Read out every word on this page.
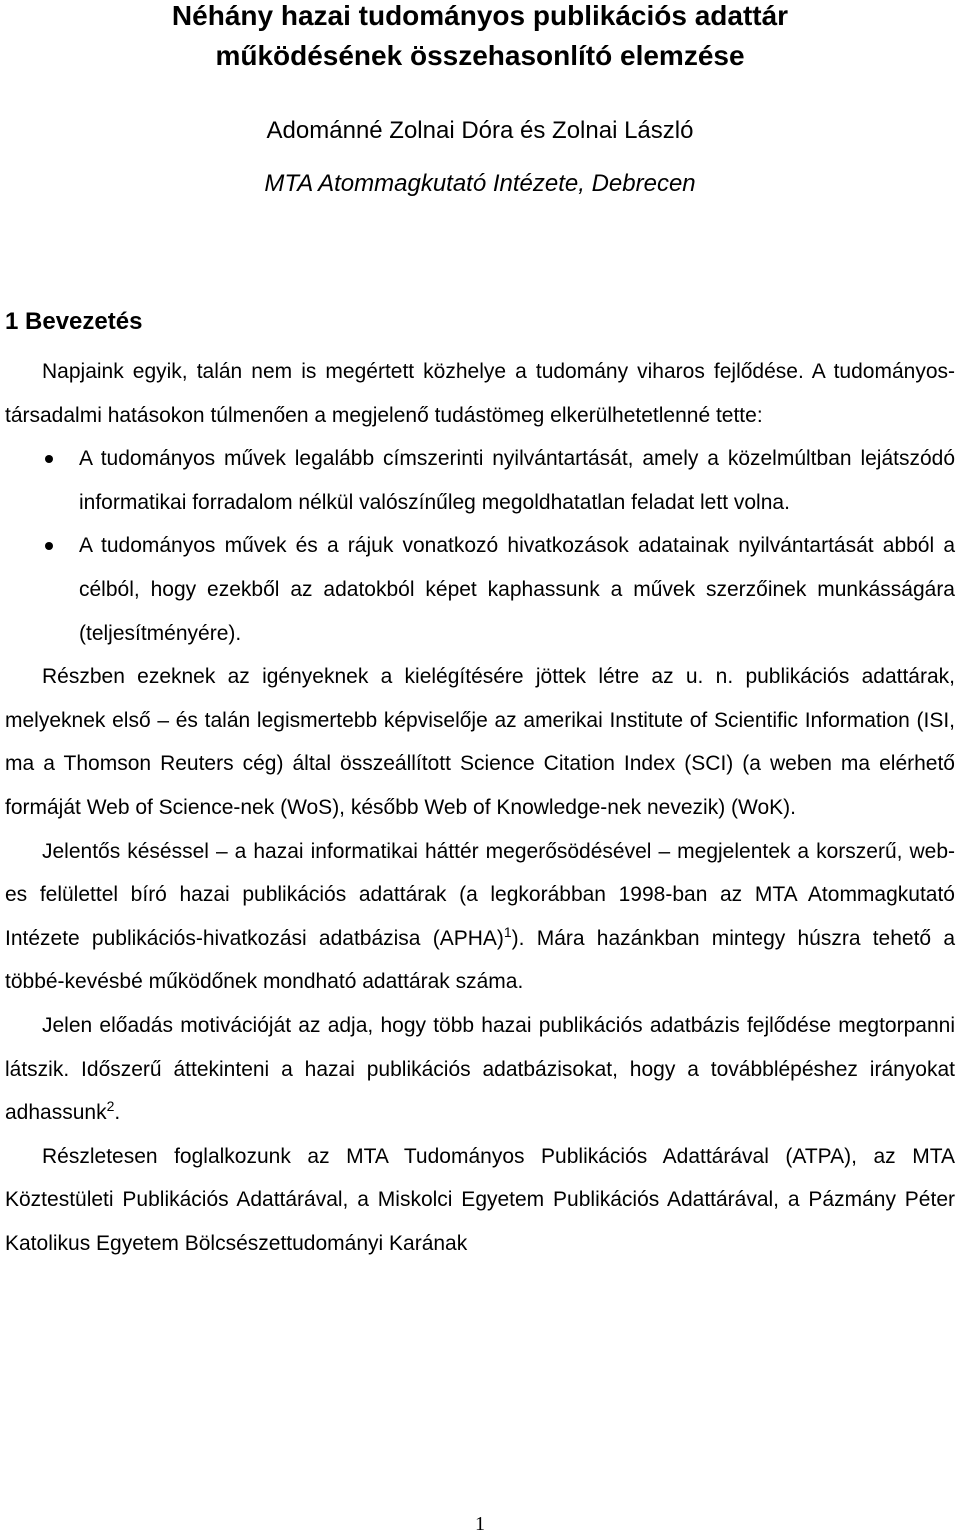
Néhány hazai tudományos publikációs adattár
működésének összehasonlító elemzése
Adománné Zolnai Dóra és Zolnai László
MTA Atommagkutató Intézete, Debrecen
1 Bevezetés

Napjaink egyik, talán nem is megértett közhelye a tudomány viharos fejlődése. A tudományos-társadalmi hatásokon túlmenően a megjelenő tudástömeg elkerülhetetlenné tette:

A tudományos művek legalább címszerinti nyilvántartását, amely a közelmúltban lejátszódó informatikai forradalom nélkül valószínűleg megoldhatatlan feladat lett volna.
A tudományos művek és a rájuk vonatkozó hivatkozások adatainak nyilvántartását abból a célból, hogy ezekből az adatokból képet kaphassunk a művek szerzőinek munkásságára (teljesítményére).

Részben ezeknek az igényeknek a kielégítésére jöttek létre az u. n. publikációs adattárak, melyeknek első – és talán legismertebb képviselője az amerikai Institute of Scientific Information (ISI, ma a Thomson Reuters cég) által összeállított Science Citation Index (SCI) (a weben ma elérhető formáját Web of Science-nek (WoS), később Web of Knowledge-nek nevezik) (WoK).

Jelentős késéssel – a hazai informatikai háttér megerősödésével – megjelentek a korszerű, web-es felülettel bíró hazai publikációs adattárak (a legkorábban 1998-ban az MTA Atommagkutató Intézete publikációs-hivatkozási adatbázisa (APHA)$^1$). Mára hazánkban mintegy húszra tehető a többé-kevésbé működőnek mondható adattárak száma.

Jelen előadás motivációját az adja, hogy több hazai publikációs adatbázis fejlődése megtorpanni látszik. Időszerű áttekinteni a hazai publikációs adatbázisokat, hogy a továbblépéshez irányokat adhassunk$^2$.

Részletesen foglalkozunk az MTA Tudományos Publikációs Adattárával (ATPA), az MTA Köztestületi Publikációs Adattárával, a Miskolci Egyetem Publikációs Adattárával, a Pázmány Péter Katolikus Egyetem Bölcsészettudományi Karának

1
